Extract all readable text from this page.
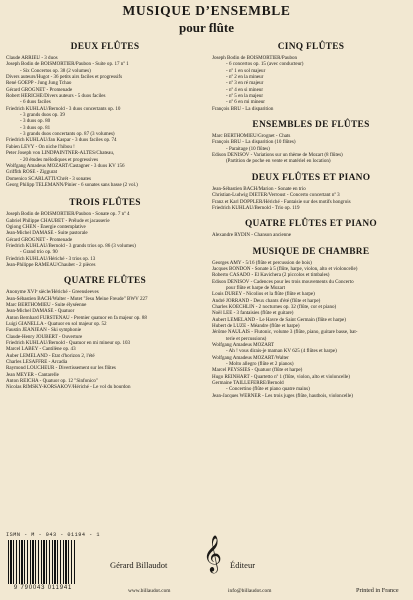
MUSIQUE D’ENSEMBLE
pour flûte
DEUX FLÛTES
Claude ARRIEU - 3 duos
Joseph Bodin de BOISMORTIER/Paubon - Suite op. 17 nº 1
- Six Concertos op. 38 (2 volumes)
Divers auteurs/Hugot - 36 petits airs faciles et progressifs
René GOEPP - Jung Jung Tchao
Gérard GROGNET - Promenade
Robert HÉRICHÉ/Divers auteurs - 5 duos faciles
- 6 duos faciles
Friedrich KUHLAU/Bernold - 3 duos concertants op. 10
- 3 grands duos op. 39
- 3 duos op. 80
- 3 duos op. 81
- 3 grands duos concertants op. 87 (3 volumes)
Friedrich KUHLAU/Jan Kaspar - 3 duos faciles op. 74
Fabien LÉVY - On niche l'hibou !
Peter Joseph von LINDPAINTNER-ALTÈS/Chateau,
- 20 études mélodiques et progressives
Wolfgang Amadeus MOZART/Castagner - 3 duos KV 156
Griffith ROSE - Ziggurat
Domenico SCARLATTI/Chrét - 3 sonates
Georg Philipp TELEMANN/Pinier - 6 sonates sans basse (2 vol.)
TROIS FLÛTES
Joseph Bodin de BOISMORTIER/Paubon - Sonate op. 7 nº 4
Gabriel Philippe CHAUBET - Prélude et jacasserie
Ogiong CHEN - Énergie contemplative
Jean-Michel DAMASE - Suite pastorale
Gérard GROGNET - Promenade
Friedrich KUHLAU/Bernold - 3 grands trios op. 86 (3 volumes)
- Grand trio op. 90
Friedrich KUHLAU/Hériché - 3 trios op. 13
Jean-Philippe RAMEAU/Chaubet - 2 pièces
QUATRE FLÛTES
Anonyme XVIᵉ siècle/Hériché - Greensleeves
Jean-Sébastien BACH/Walter - Motet "Jesu Meine Freude" BWV 227
Marc BERTHOMIEU - Suite élyséenne
Jean-Michel DAMASE - Quatuor
Anton Bernhard FÜRSTENAU - Premier quatuor en fa majeur op. 88
Luigi GIANELLA - Quatuor en sol majeur op. 52
Faustin JEANJEAN - Ski symphonie
Claude-Henry JOUBERT - Ouverture
Friedrich KUHLAU/Bernold - Quatuor en mi mineur op. 103
Marcel LABEY - Cantilène op. 43
Auber LEMELAND - État d'horizon 2, l'été
Charles LESAFFRE - Arcadia
Raymond LOUCHEUR - Divertissement sur les flûtes
Jean MEYER - Cantarelle
Anton REICHA - Quatuor op. 12 "Sinfonico"
Nicolas RIMSKY-KORSAKOV/Hériché - Le vol du bourdon
CINQ FLÛTES
Joseph Bodin de BOISMORTIER/Paubon
- 6 concertos op. 15 (avec conducteur)
- nº 1 en sol majeur
- nº 2 en la mineur
- nº 3 en ré majeur
- nº 4 en si mineur
- nº 5 en la majeur
- nº 6 en mi mineur
François BRU - La disparition
ENSEMBLES DE FLÛTES
Marc BERTHOMIEU/Grognet - Chats
François BRU - La disparition (10 flûtes)
- Paraitage (10 flûtes)
Edison DENISOV - Variations sur un thème de Mozart (8 flûtes)
(Partition de poche en vente et matériel en location)
DEUX FLÛTES ET PIANO
Jean-Sébastien BACH/Marion - Sonate en trio
Christian-Ludwig DIETER/Verroust - Concerto concertant nº 3
Franz et Karl DOPPLER/Hériché - Fantaisie sur des motifs hongrois
Friedrich KUHLAU/Bernold - Trio op. 119
QUATRE FLÛTES ET PIANO
Alexandre RYDIN - Chanson ancienne
MUSIQUE DE CHAMBRE
Georges AMY - 5/16 (flûte et percussion de bois)
Jacques BONDON - Sonate à 5 (flûte, harpe, violon, alto et violoncelle)
Roberto CASADO - El Kavichera (2 piccolos et timbales)
Edison DENISOV - Cadences pour les trois mouvements du Concerto
pour flûte et harpe de Mozart
Louis DUREY - Nicolios et la flûte (flûte et harpe)
André JORRAND - Deux chants d'été (flûte et harpe)
Charles KOECHLIN - 2 nocturnes op. 32 (flûte, cor et piano)
Noël LEE - 3 fantaisies (flûte et guitare)
Aubert LEMELAND - Le Havre de Saint Germain (flûte et harpe)
Hubert de LUZE - Méandre (flûte et harpe)
Jérôme NAULAIS - Flutonic, volume 3 (flûte, piano, guitare basse, bat-
terie et percussions)
Wolfgang Amadeus MOZART
- Ah ! vous dirais-je maman KV 625 (4 flûtes et harpe)
Wolfgang Amadeus MOZART/Walter
- Molto allegro (flûte et 2 pianos)
Marcel PEYSSIES - Quatuor (flûte et harpe)
Hugo REINHART - Quartetto nº 1 (flûte, violon, alto et violoncelle)
Germaine TAILLEFERRE/Bernold
- Concertino (flûte et piano quatre mains)
Jean-Jacques WERNER - Les trois juges (flûte, hautbois, violoncelle)
ISMN - M - 043 - 01194 - 1
9 790043 011941
Gérard Billaudot 𝄞 Éditeur
www.billaudot.com	info@billaudot.com	Printed in France
